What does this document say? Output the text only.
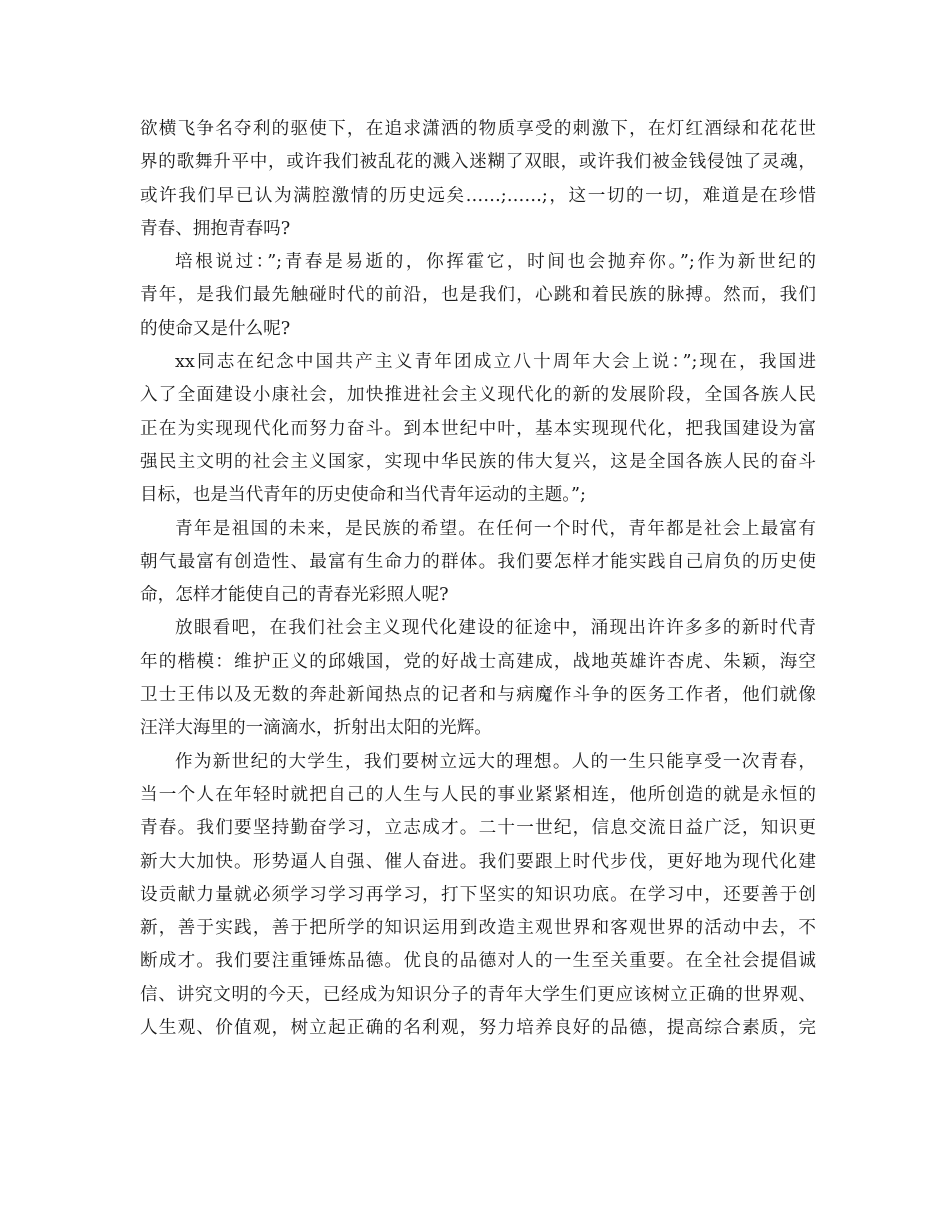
欲横飞争名夺利的驱使下，在追求潇洒的物质享受的刺激下，在灯红酒绿和花花世
界的歌舞升平中，或许我们被乱花的溅入迷糊了双眼，或许我们被金钱侵蚀了灵魂，
或许我们早已认为满腔激情的历史远矣……;……;，这一切的一切，难道是在珍惜
青春、拥抱青春吗?
培根说过：”;青春是易逝的，你挥霍它，时间也会抛弃你。”;作为新世纪的
青年，是我们最先触碰时代的前沿，也是我们，心跳和着民族的脉搏。然而，我们
的使命又是什么呢?
xx同志在纪念中国共产主义青年团成立八十周年大会上说：”;现在，我国进
入了全面建设小康社会，加快推进社会主义现代化的新的发展阶段，全国各族人民
正在为实现现代化而努力奋斗。到本世纪中叶，基本实现现代化，把我国建设为富
强民主文明的社会主义国家，实现中华民族的伟大复兴，这是全国各族人民的奋斗
目标，也是当代青年的历史使命和当代青年运动的主题。”;
青年是祖国的未来，是民族的希望。在任何一个时代，青年都是社会上最富有
朝气最富有创造性、最富有生命力的群体。我们要怎样才能实践自己肩负的历史使
命，怎样才能使自己的青春光彩照人呢?
放眼看吧，在我们社会主义现代化建设的征途中，涌现出许许多多的新时代青
年的楷模：维护正义的邱娥国，党的好战士高建成，战地英雄许杏虎、朱颖，海空
卫士王伟以及无数的奔赴新闻热点的记者和与病魔作斗争的医务工作者，他们就像
汪洋大海里的一滴滴水，折射出太阳的光辉。
作为新世纪的大学生，我们要树立远大的理想。人的一生只能享受一次青春，
当一个人在年轻时就把自己的人生与人民的事业紧紧相连，他所创造的就是永恒的
青春。我们要坚持勤奋学习，立志成才。二十一世纪，信息交流日益广泛，知识更
新大大加快。形势逼人自强、催人奋进。我们要跟上时代步伐，更好地为现代化建
设贡献力量就必须学习学习再学习，打下坚实的知识功底。在学习中，还要善于创
新，善于实践，善于把所学的知识运用到改造主观世界和客观世界的活动中去，不
断成才。我们要注重锤炼品德。优良的品德对人的一生至关重要。在全社会提倡诚
信、讲究文明的今天，已经成为知识分子的青年大学生们更应该树立正确的世界观、
人生观、价值观，树立起正确的名利观，努力培养良好的品德，提高综合素质，完
